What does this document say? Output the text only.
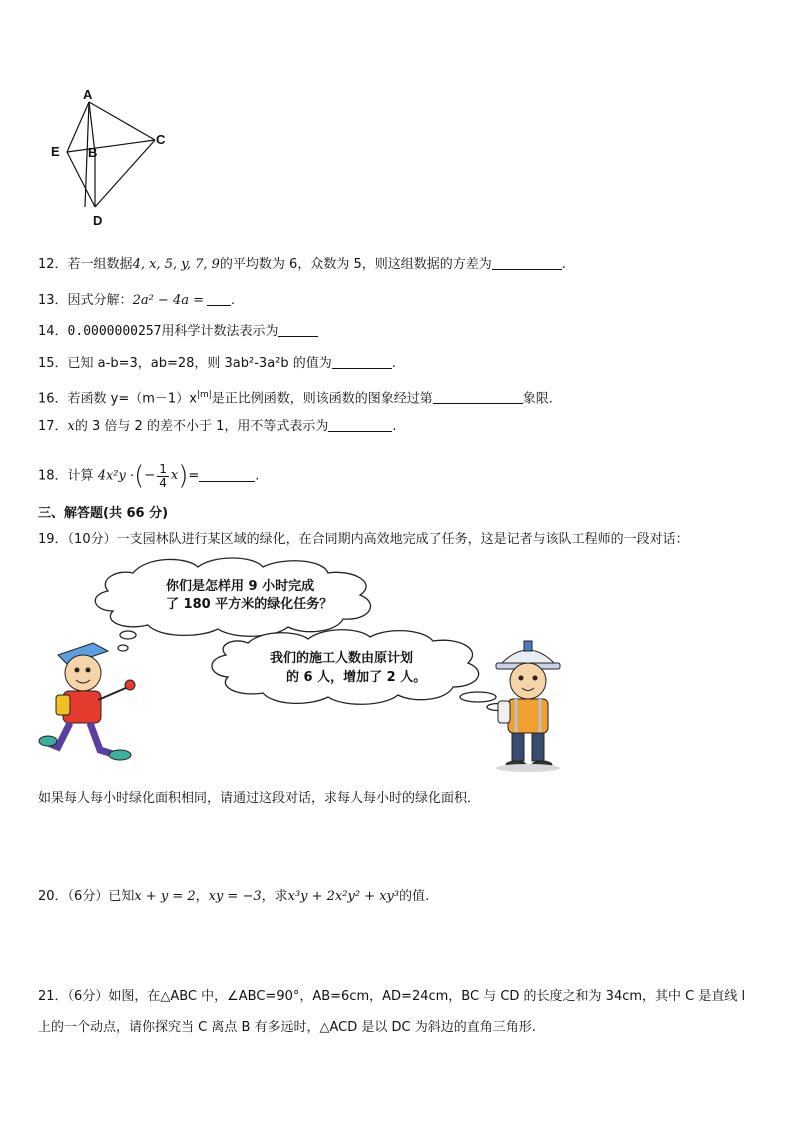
A
B
C
D
E
12．若一组数据4, x, 5, y, 7, 9的平均数为 6，众数为 5，则这组数据的方差为	.
13．因式分解：2a² − 4a = .
14．0.0000000257用科学计数法表示为
15．已知 a-b=3，ab=28，则 3ab²-3a²b 的值为	.
16．若函数 $y=(m-1)x^{|m|}$是正比例函数，则该函数的图象经过第	象限.
17．x的 3 倍与 2 的差不小于 1，用不等式表示为	.
18．计算 4x²y ·(− $\frac{1}{4} x)=$	.
三、解答题(共 66 分)
19．（10分）一支园林队进行某区域的绿化，在合同期内高效地完成了任务，这是记者与该队工程师的一段对话：
你们是怎样用 9 小时完成
了 180 平方米的绿化任务？
我们的施工人数由原计划
的 6 人，增加了 2 人。
如果每人每小时绿化面积相同，请通过这段对话，求每人每小时的绿化面积．
20．（6分）已知x + y = 2，xy = −3，求x³y + 2x²y² + xy³的值.
21．（6分）如图，在△ABC 中，∠ABC=90°，AB=6cm，AD=24cm，BC 与 CD 的长度之和为 34cm，其中 C 是直线 l
上的一个动点，请你探究当 C 离点 B 有多远时，△ACD 是以 DC 为斜边的直角三角形.
